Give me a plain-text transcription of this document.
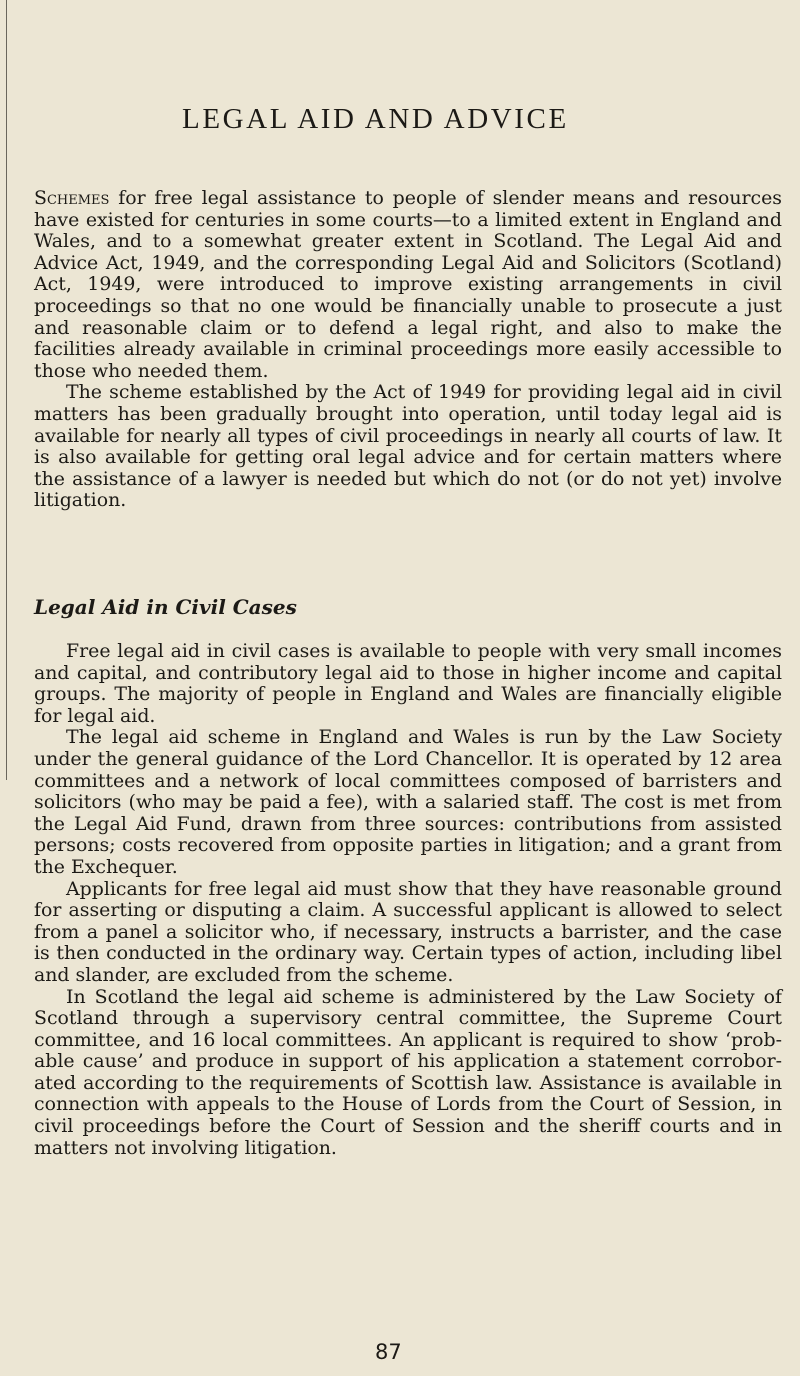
LEGAL AID AND ADVICE

Schemes for free legal assistance to people of slender means and resources have existed for centuries in some courts—to a limited extent in England and Wales, and to a somewhat greater extent in Scotland. The Legal Aid and Advice Act, 1949, and the corresponding Legal Aid and Solicitors (Scotland) Act, 1949, were introduced to improve existing arrangements in civil proceedings so that no one would be financially unable to prosecute a just and reasonable claim or to defend a legal right, and also to make the facilities already available in criminal proceedings more easily accessible to those who needed them.

The scheme established by the Act of 1949 for providing legal aid in civil matters has been gradually brought into operation, until today legal aid is available for nearly all types of civil proceedings in nearly all courts of law. It is also available for getting oral legal advice and for certain matters where the assistance of a lawyer is needed but which do not (or do not yet) involve litigation.

Legal Aid in Civil Cases

Free legal aid in civil cases is available to people with very small incomes and capital, and contributory legal aid to those in higher income and capital groups. The majority of people in England and Wales are financially eligible for legal aid.

The legal aid scheme in England and Wales is run by the Law Society under the general guidance of the Lord Chancellor. It is operated by 12 area committees and a network of local committees composed of barristers and solicitors (who may be paid a fee), with a salaried staff. The cost is met from the Legal Aid Fund, drawn from three sources: contributions from assisted persons; costs recovered from opposite parties in litigation; and a grant from the Exchequer.

Applicants for free legal aid must show that they have reasonable ground for asserting or disputing a claim. A successful applicant is allowed to select from a panel a solicitor who, if necessary, instructs a barrister, and the case is then conducted in the ordinary way. Certain types of action, including libel and slander, are excluded from the scheme.

In Scotland the legal aid scheme is administered by the Law Society of Scotland through a supervisory central committee, the Supreme Court committee, and 16 local committees. An applicant is required to show ‘probable cause’ and produce in support of his application a statement corroborated according to the requirements of Scottish law. Assistance is available in connection with appeals to the House of Lords from the Court of Session, in civil proceedings before the Court of Session and the sheriff courts and in matters not involving litigation.

87
